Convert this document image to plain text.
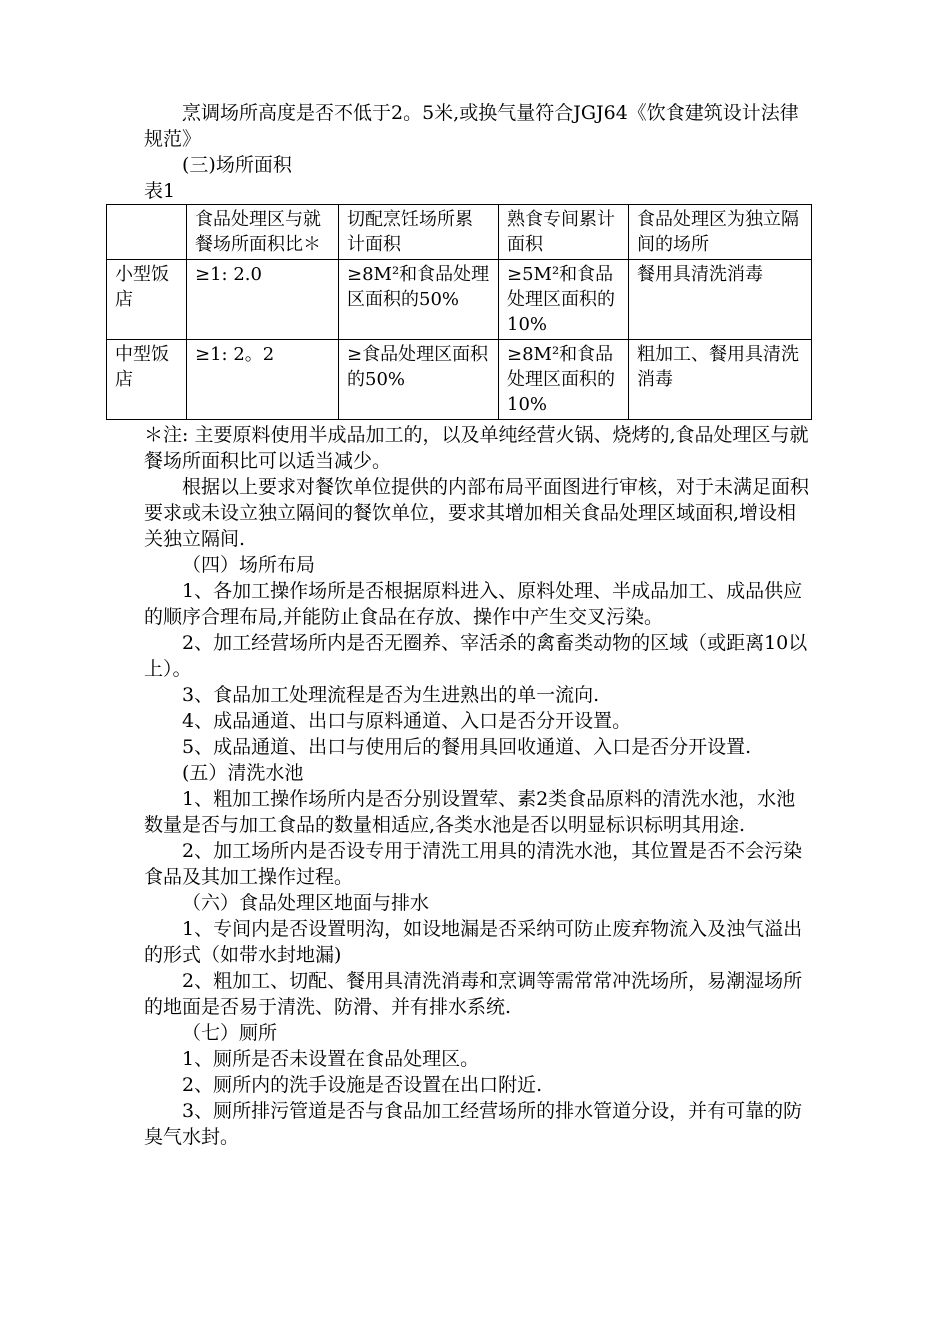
烹调场所高度是否不低于2。5米,或换气量符合JGJ64《饮食建筑设计法律规范》

(三)场所面积

表1

	食品处理区与就餐场所面积比＊	切配烹饪场所累计面积	熟食专间累计面积	食品处理区为独立隔间的场所
小型饭店	≥1: 2.0	≥8M²和食品处理区面积的50%	≥5M²和食品处理区面积的10%	餐用具清洗消毒
中型饭店	≥1: 2。2	≥食品处理区面积的50%	≥8M²和食品处理区面积的10%	粗加工、餐用具清洗消毒

＊注: 主要原料使用半成品加工的，以及单纯经营火锅、烧烤的,食品处理区与就餐场所面积比可以适当减少。

根据以上要求对餐饮单位提供的内部布局平面图进行审核，对于未满足面积要求或未设立独立隔间的餐饮单位，要求其增加相关食品处理区域面积,增设相关独立隔间.

（四）场所布局

1、各加工操作场所是否根据原料进入、原料处理、半成品加工、成品供应的顺序合理布局,并能防止食品在存放、操作中产生交叉污染。

2、加工经营场所内是否无圈养、宰活杀的禽畜类动物的区域（或距离10以上）。

3、食品加工处理流程是否为生进熟出的单一流向.

4、成品通道、出口与原料通道、入口是否分开设置。

5、成品通道、出口与使用后的餐用具回收通道、入口是否分开设置.

(五）清洗水池

1、粗加工操作场所内是否分别设置荤、素2类食品原料的清洗水池，水池数量是否与加工食品的数量相适应,各类水池是否以明显标识标明其用途.

2、加工场所内是否设专用于清洗工用具的清洗水池，其位置是否不会污染食品及其加工操作过程。

（六）食品处理区地面与排水

1、专间内是否设置明沟，如设地漏是否采纳可防止废弃物流入及浊气溢出的形式（如带水封地漏)

2、粗加工、切配、餐用具清洗消毒和烹调等需常常冲洗场所，易潮湿场所的地面是否易于清洗、防滑、并有排水系统.

（七）厕所

1、厕所是否未设置在食品处理区。

2、厕所内的洗手设施是否设置在出口附近.

3、厕所排污管道是否与食品加工经营场所的排水管道分设，并有可靠的防臭气水封。
